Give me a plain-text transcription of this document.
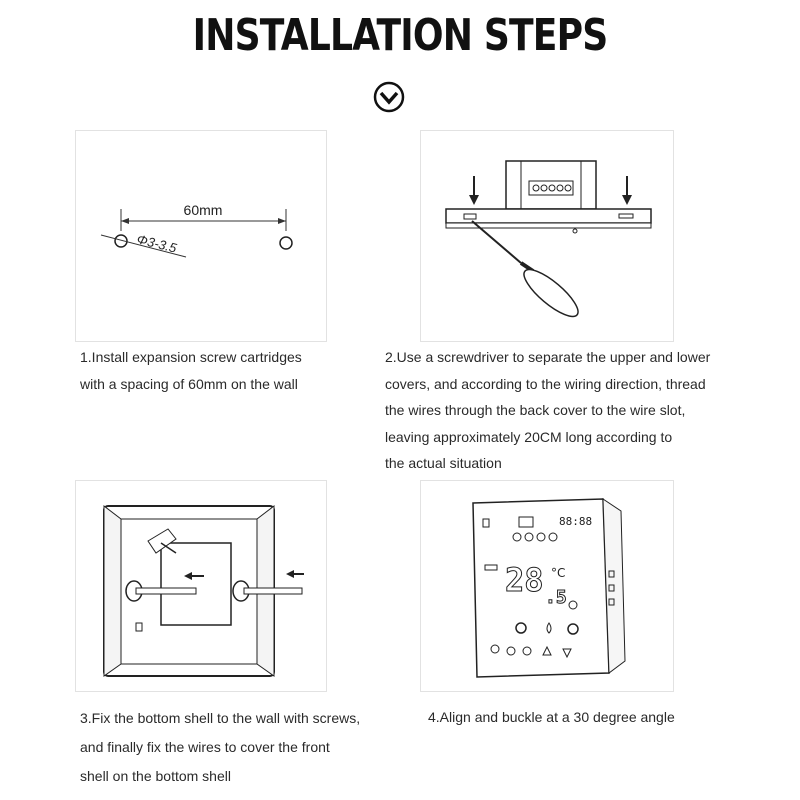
INSTALLATION STEPS
60mm
Φ3-3.5
88:88
28 .5
°C
1.Install expansion screw cartridges
with a spacing of 60mm on the wall
2.Use a screwdriver to separate the upper and lower
covers, and according to the wiring direction, thread
the wires through the back cover to the wire slot,
leaving approximately 20CM long according to
the actual situation
3.Fix the bottom shell to the wall with screws,
and finally fix the wires to cover the front
shell on the bottom shell
4.Align and buckle at a 30 degree angle
